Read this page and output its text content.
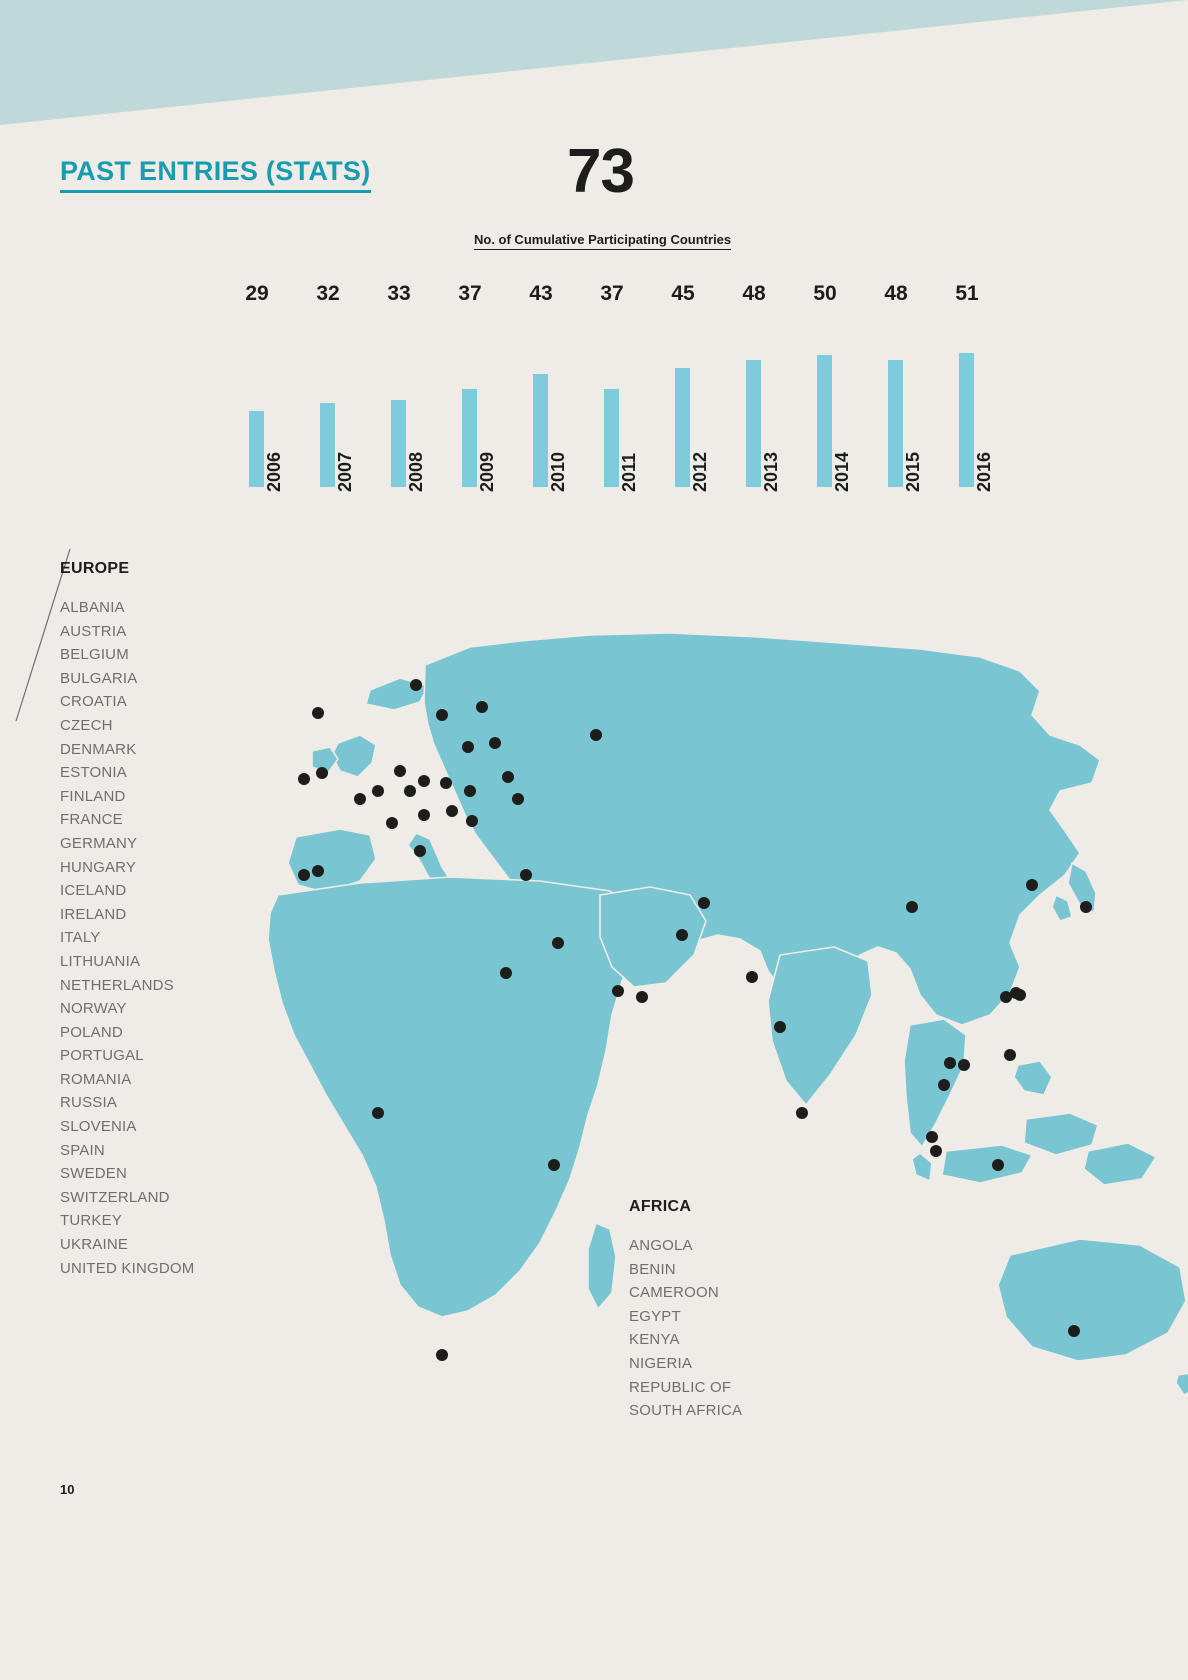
PAST ENTRIES (STATS)	73
No. of Cumulative Participating Countries
29
2006
32
2007
33
2008
37
2009
43
2010
37
2011
45
2012
48
2013
50
2014
48
2015
51
2016
EUROPE
ALBANIA
AUSTRIA
BELGIUM
BULGARIA
CROATIA
CZECH
DENMARK
ESTONIA
FINLAND
FRANCE
GERMANY
HUNGARY
ICELAND
IRELAND
ITALY
LITHUANIA
NETHERLANDS
NORWAY
POLAND
PORTUGAL
ROMANIA
RUSSIA
SLOVENIA
SPAIN
SWEDEN
SWITZERLAND
TURKEY
UKRAINE
UNITED KINGDOM
AFRICA
ANGOLA
BENIN
CAMEROON
EGYPT
KENYA
NIGERIA
REPUBLIC OF
SOUTH AFRICA
10
